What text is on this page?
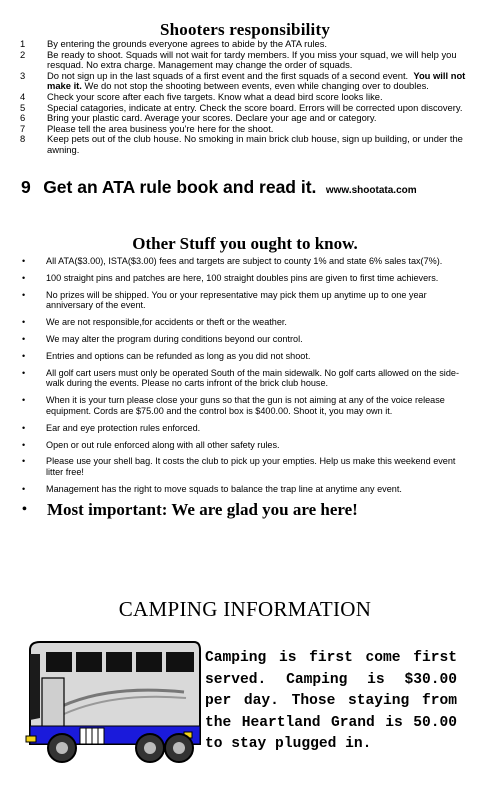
Shooters responsibility
1	By entering the grounds everyone agrees to abide by the ATA rules.
2	Be ready to shoot. Squads will not wait for tardy members. If you miss your squad, we will help you resquad. No extra charge. Management may change the order of squads.
3	Do not sign up in the last squads of a first event and the first squads of a second event. You will not make it. We do not stop the shooting between events, even while changing over to doubles.
4	Check your score after each five targets. Know what a dead bird score looks like.
5	Special catagories, indicate at entry. Check the score board. Errors will be corrected upon discovery.
6	Bring your plastic card. Average your scores. Declare your age and or category.
7	Please tell the area business you're here for the shoot.
8	Keep pets out of the club house. No smoking in main brick club house, sign up building, or under the awning.
9 Get an ATA rule book and read it. www.shootata.com
Other Stuff you ought to know.
•	All ATA($3.00), ISTA($3.00) fees and targets are subject to county 1% and state 6% sales tax(7%).
•	100 straight pins and patches are here, 100 straight doubles pins are given to first time achievers.
•	No prizes will be shipped. You or your representative may pick them up anytime up to one year anniversary of the event.
•	We are not responsible,for accidents or theft or the weather.
•	We may alter the program during conditions beyond our control.
•	Entries and options can be refunded as long as you did not shoot.
•	All golf cart users must only be operated South of the main sidewalk. No golf carts allowed on the side-walk during the events. Please no carts infront of the brick club house.
•	When it is your turn please close your guns so that the gun is not aiming at any of the voice release equipment. Cords are $75.00 and the control box is $400.00. Shoot it, you may own it.
•	Ear and eye protection rules enforced.
•	Open or out rule enforced along with all other safety rules.
•	Please use your shell bag. It costs the club to pick up your empties. Help us make this weekend event litter free!
•	Management has the right to move squads to balance the trap line at anytime any event.
•	Most important: We are glad you are here!
CAMPING INFORMATION
Camping is first come first served. Camping is $30.00 per day. Those staying from the Heartland Grand is 50.00 to stay plugged in.
